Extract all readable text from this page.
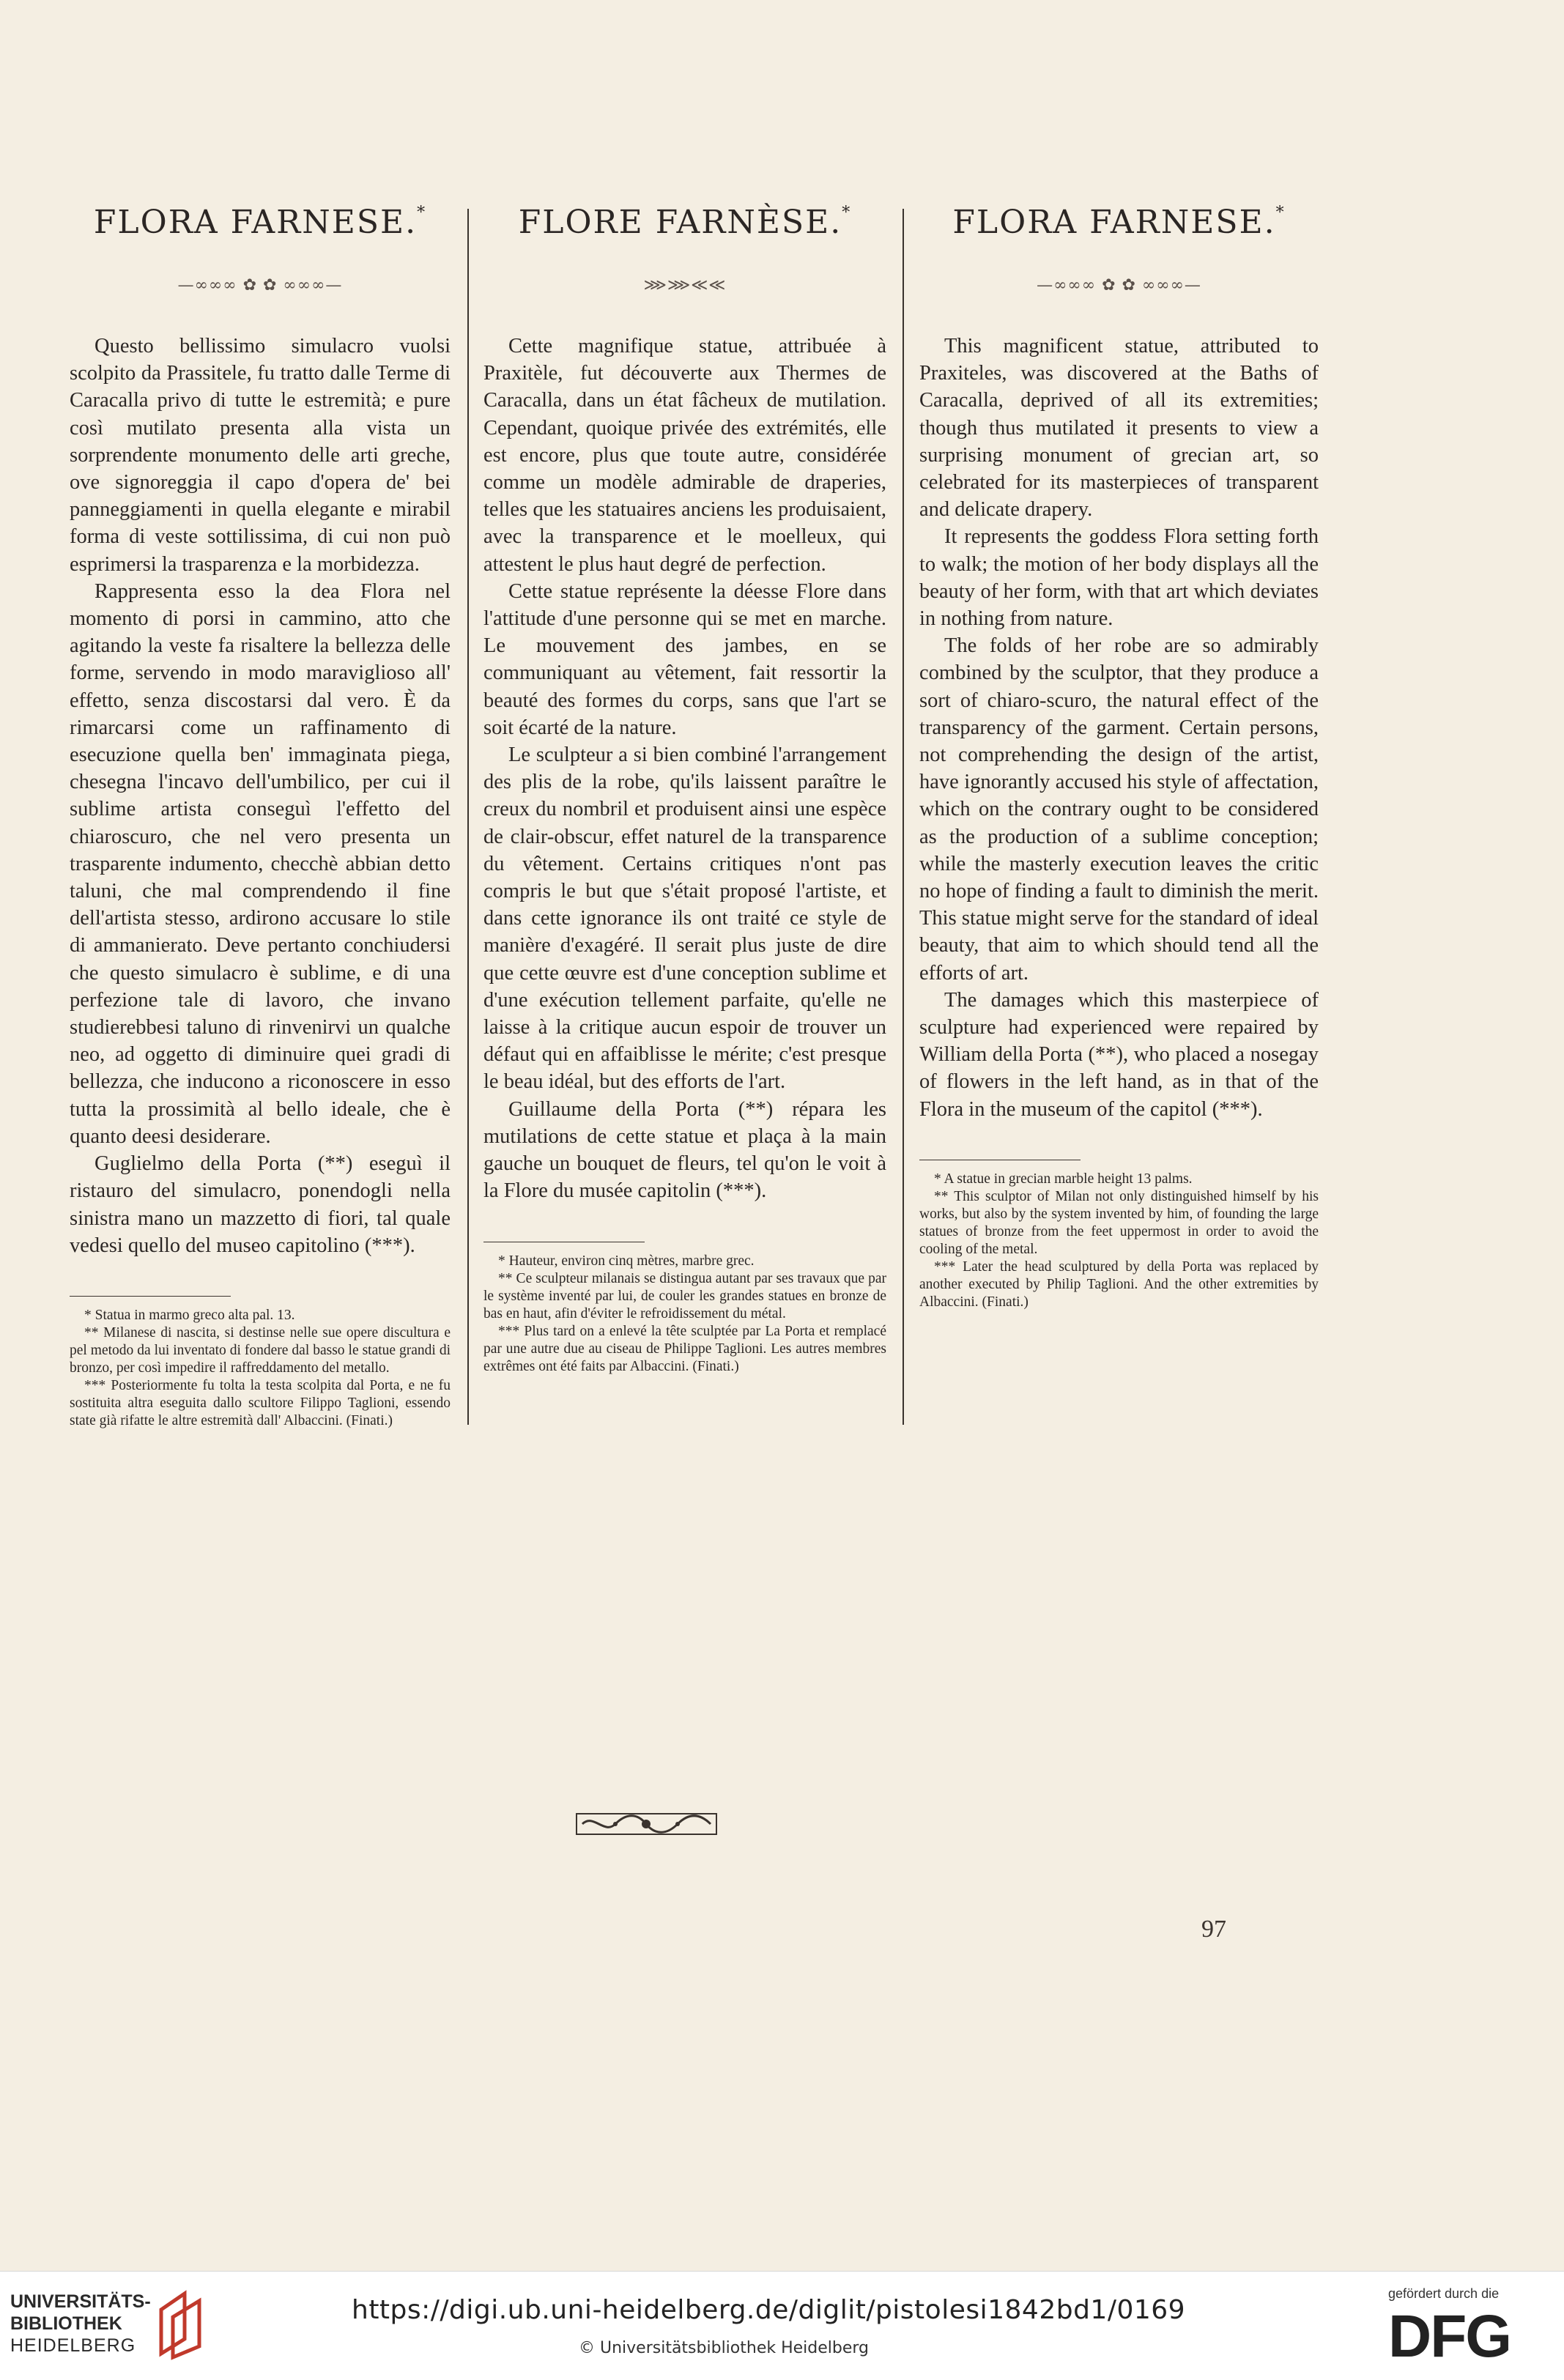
FLORA FARNESE.*
—∞∞∞ ✿ ✿ ∞∞∞—

Questo bellissimo simulacro vuolsi scolpito da Prassitele, fu tratto dalle Terme di Caracalla privo di tutte le estremità; e pure così mutilato presenta alla vista un sorprendente monumento delle arti greche, ove signoreggia il capo d'opera de' bei panneggiamenti in quella elegante e mirabil forma di veste sottilissima, di cui non può esprimersi la trasparenza e la morbidezza.

Rappresenta esso la dea Flora nel momento di porsi in cammino, atto che agitando la veste fa risaltere la bellezza delle forme, servendo in modo maraviglioso all' effetto, senza discostarsi dal vero. È da rimarcarsi come un raffinamento di esecuzione quella ben' immaginata piega, chesegna l'incavo dell'umbilico, per cui il sublime artista conseguì l'effetto del chiaroscuro, che nel vero presenta un trasparente indumento, checchè abbian detto taluni, che mal comprendendo il fine dell'artista stesso, ardirono accusare lo stile di ammanierato. Deve pertanto conchiudersi che questo simulacro è sublime, e di una perfezione tale di lavoro, che invano studierebbesi taluno di rinvenirvi un qualche neo, ad oggetto di diminuire quei gradi di bellezza, che inducono a riconoscere in esso tutta la prossimità al bello ideale, che è quanto deesi desiderare.

Guglielmo della Porta (**) eseguì il ristauro del simulacro, ponendogli nella sinistra mano un mazzetto di fiori, tal quale vedesi quello del museo capitolino (***).

* Statua in marmo greco alta pal. 13.

** Milanese di nascita, si destinse nelle sue opere discultura e pel metodo da lui inventato di fondere dal basso le statue grandi di bronzo, per così impedire il raffreddamento del metallo.

*** Posteriormente fu tolta la testa scolpita dal Porta, e ne fu sostituita altra eseguita dallo scultore Filippo Taglioni, essendo state già rifatte le altre estremità dall' Albaccini. (Finati.)

FLORE FARNÈSE.*
⋙⋙≪≪

Cette magnifique statue, attribuée à Praxitèle, fut découverte aux Thermes de Caracalla, dans un état fâcheux de mutilation. Cependant, quoique privée des extrémités, elle est encore, plus que toute autre, considérée comme un modèle admirable de draperies, telles que les statuaires anciens les produisaient, avec la transparence et le moelleux, qui attestent le plus haut degré de perfection.

Cette statue représente la déesse Flore dans l'attitude d'une personne qui se met en marche. Le mouvement des jambes, en se communiquant au vêtement, fait ressortir la beauté des formes du corps, sans que l'art se soit écarté de la nature.

Le sculpteur a si bien combiné l'arrangement des plis de la robe, qu'ils laissent paraître le creux du nombril et produisent ainsi une espèce de clair-obscur, effet naturel de la transparence du vêtement. Certains critiques n'ont pas compris le but que s'était proposé l'artiste, et dans cette ignorance ils ont traité ce style de manière d'exagéré. Il serait plus juste de dire que cette œuvre est d'une conception sublime et d'une exécution tellement parfaite, qu'elle ne laisse à la critique aucun espoir de trouver un défaut qui en affaiblisse le mérite; c'est presque le beau idéal, but des efforts de l'art.

Guillaume della Porta (**) répara les mutilations de cette statue et plaça à la main gauche un bouquet de fleurs, tel qu'on le voit à la Flore du musée capitolin (***).

* Hauteur, environ cinq mètres, marbre grec.

** Ce sculpteur milanais se distingua autant par ses travaux que par le système inventé par lui, de couler les grandes statues en bronze de bas en haut, afin d'éviter le refroidissement du métal.

*** Plus tard on a enlevé la tête sculptée par La Porta et remplacé par une autre due au ciseau de Philippe Taglioni. Les autres membres extrêmes ont été faits par Albaccini. (Finati.)

FLORA FARNESE.*
—∞∞∞ ✿ ✿ ∞∞∞—

This magnificent statue, attributed to Praxiteles, was discovered at the Baths of Caracalla, deprived of all its extremities; though thus mutilated it presents to view a surprising monument of grecian art, so celebrated for its masterpieces of transparent and delicate drapery.

It represents the goddess Flora setting forth to walk; the motion of her body displays all the beauty of her form, with that art which deviates in nothing from nature.

The folds of her robe are so admirably combined by the sculptor, that they produce a sort of chiaro-scuro, the natural effect of the transparency of the garment. Certain persons, not comprehending the design of the artist, have ignorantly accused his style of affectation, which on the contrary ought to be considered as the production of a sublime conception; while the masterly execution leaves the critic no hope of finding a fault to diminish the merit. This statue might serve for the standard of ideal beauty, that aim to which should tend all the efforts of art.

The damages which this masterpiece of sculpture had experienced were repaired by William della Porta (**), who placed a nosegay of flowers in the left hand, as in that of the Flora in the museum of the capitol (***).

* A statue in grecian marble height 13 palms.

** This sculptor of Milan not only distinguished himself by his works, but also by the system invented by him, of founding the large statues of bronze from the feet uppermost in order to avoid the cooling of the metal.

*** Later the head sculptured by della Porta was replaced by another executed by Philip Taglioni. And the other extremities by Albaccini. (Finati.)

97
UNIVERSITÄTS-
BIBLIOTHEK
HEIDELBERG
https://digi.ub.uni-heidelberg.de/diglit/pistolesi1842bd1/0169
© Universitätsbibliothek Heidelberg
gefördert durch die
DFG
